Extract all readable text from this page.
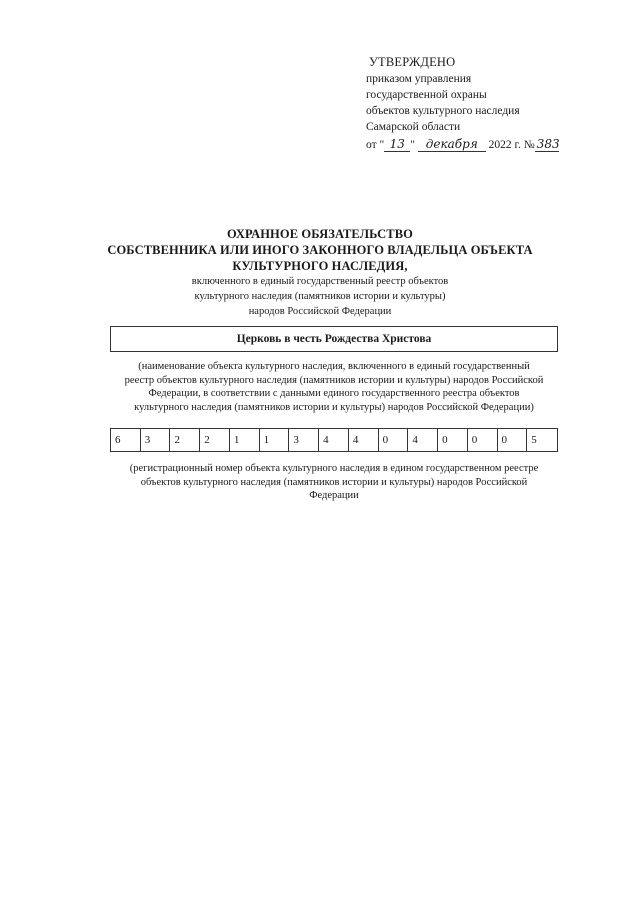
УТВЕРЖДЕНО
приказом управления
государственной охраны
объектов культурного наследия
Самарской области
от " 13 " декабря 2022 г. № 383
ОХРАННОЕ ОБЯЗАТЕЛЬСТВО
СОБСТВЕННИКА ИЛИ ИНОГО ЗАКОННОГО ВЛАДЕЛЬЦА ОБЪЕКТА
КУЛЬТУРНОГО НАСЛЕДИЯ,
включенного в единый государственный реестр объектов
культурного наследия (памятников истории и культуры)
народов Российской Федерации
Церковь в честь Рождества Христова
(наименование объекта культурного наследия, включенного в единый государственный
реестр объектов культурного наследия (памятников истории и культуры) народов Российской
Федерации, в соответствии с данными единого государственного реестра объектов
культурного наследия (памятников истории и культуры) народов Российской Федерации)
6	3	2	2	1	1	3	4	4	0	4	0	0	0	5
(регистрационный номер объекта культурного наследия в едином государственном реестре
объектов культурного наследия (памятников истории и культуры) народов Российской
Федерации
